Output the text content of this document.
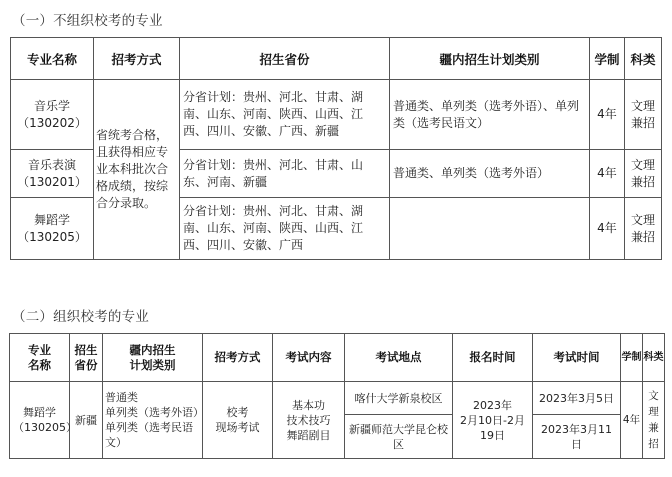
（一）不组织校考的专业
专业名称	招考方式	招生省份	疆内招生计划类别	学制	科类

音乐学
（130202）	省统考合格，且获得相应专业本科批次合格成绩，按综合分录取。	分省计划：贵州、河北、甘肃、湖南、山东、河南、陕西、山西、江西、四川、安徽、广西、新疆	普通类、单列类（选考外语）、单列类（选考民语文）	4年	文理
兼招

音乐表演
（130201）		分省计划：贵州、河北、甘肃、山东、河南、新疆	普通类、单列类（选考外语）	4年	文理
兼招

舞蹈学
（130205）		分省计划：贵州、河北、甘肃、湖南、山东、河南、陕西、山西、江西、四川、安徽、广西		4年	文理
兼招
（二）组织校考的专业
专业
名称	招生
省份	疆内招生
计划类别	招考方式	考试内容	考试地点	报名时间	考试时间	学制	科类

舞蹈学
（130205）	新疆	普通类
单列类（选考外语）
单列类（选考民语文）	校考
现场考试	基本功
技术技巧
舞蹈剧目	喀什大学新泉校区	2023年
2月10日-2月19日	2023年3月5日	4年	文理兼招
					新疆师范大学昆仑校区		2023年3月11日		
